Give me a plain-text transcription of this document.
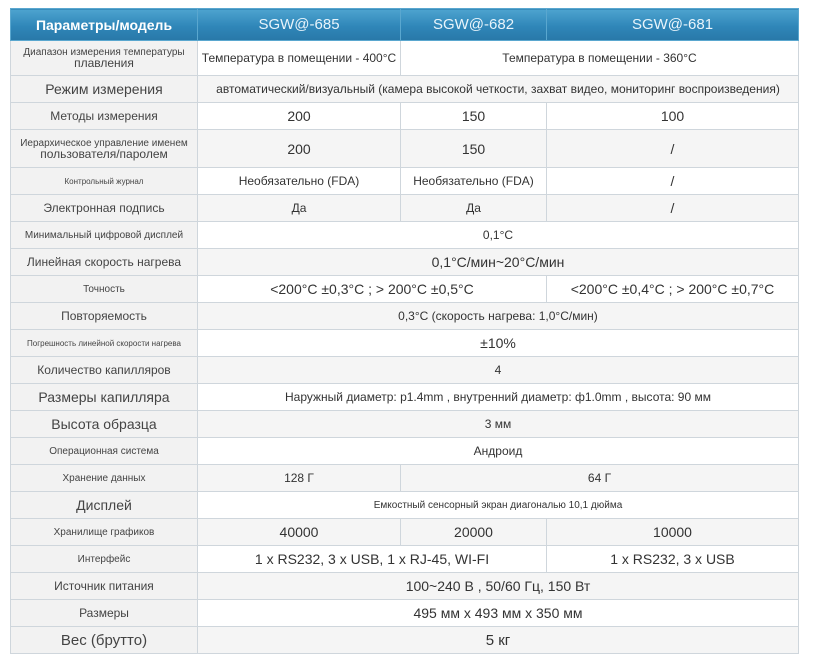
Параметры/модель	SGW@-685	SGW@-682	SGW@-681

Диапазон измерения температуры
плавления	Температура в помещении - 400°C	Температура в помещении - 360°C	
Режим измерения	автоматический/визуальный (камера высокой четкости, захват видео, мониторинг воспроизведения)		
Методы измерения	200	150	100

Иерархическое управление именем
пользователя/паролем	200	150	/
Контрольный журнал	Необязательно (FDA)	Необязательно (FDA)	/
Электронная подпись	Да	Да	/
Минимальный цифровой дисплей	0,1°C		
Линейная скорость нагрева	0,1°C/мин~20°C/мин		
Точность	<200°C ±0,3°C ; > 200°C ±0,5°C		<200°C ±0,4°C ; > 200°C ±0,7°C
Повторяемость	0,3°C (скорость нагрева: 1,0°C/мин)		
Погрешность линейной скорости нагрева	±10%		
Количество капилляров	4		
Размеры капилляра	Наружный диаметр: p1.4mm , внутренний диаметр: ф1.0mm , высота: 90 мм		
Высота образца	3 мм		
Операционная система	Андроид		
Хранение данных	128 Г	64 Г	
Дисплей	Емкостный сенсорный экран диагональю 10,1 дюйма		
Хранилище графиков	40000	20000	10000
Интерфейс	1 x RS232, 3 x USB, 1 x RJ-45, WI-FI		1 x RS232, 3 x USB
Источник питания	100~240 В , 50/60 Гц, 150 Вт		
Размеры	495 мм x 493 мм x 350 мм		
Вес (брутто)	5 кг		
